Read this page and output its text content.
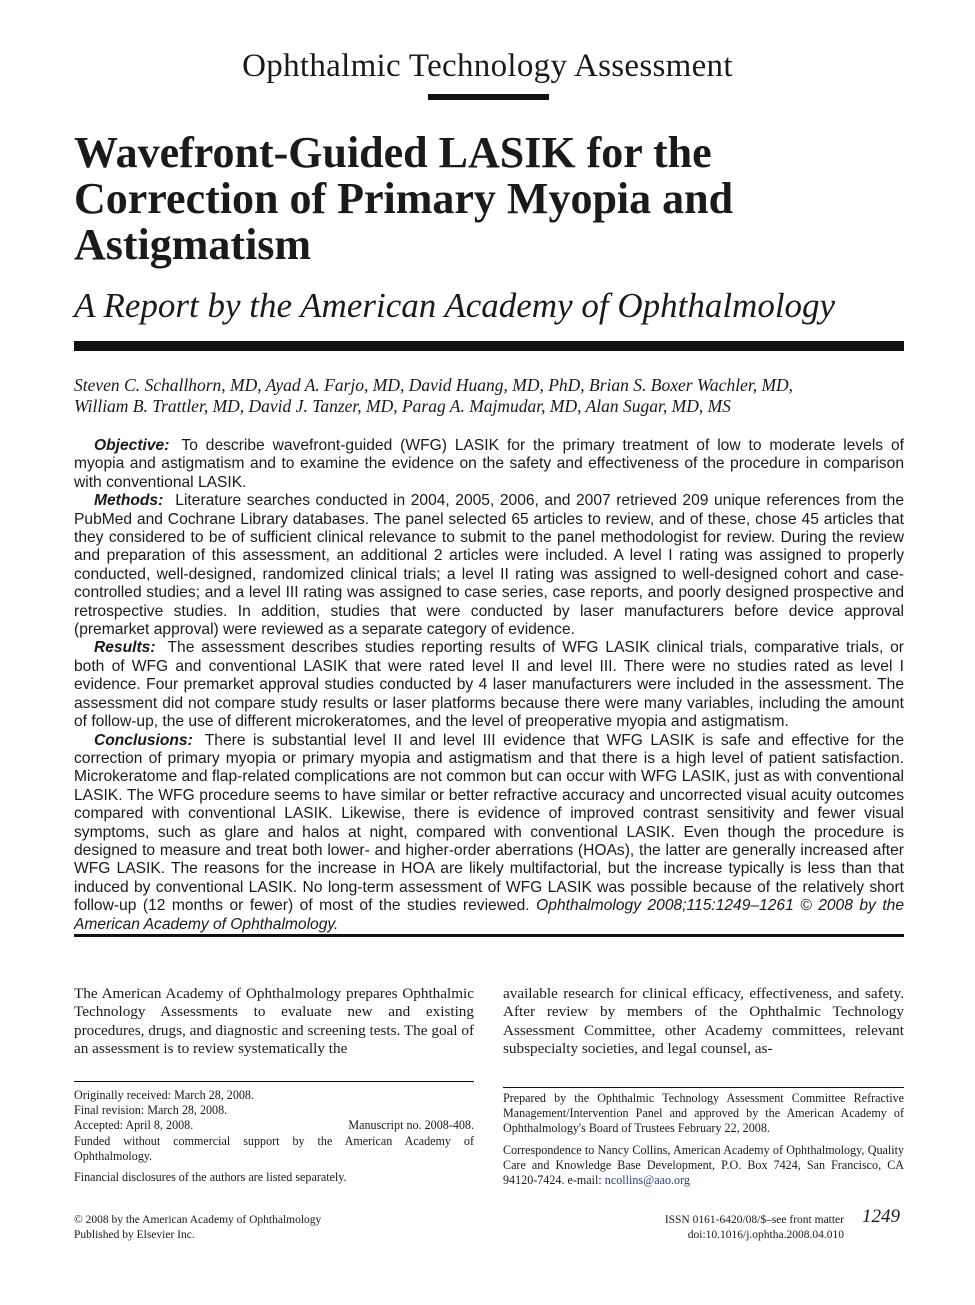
Ophthalmic Technology Assessment
Wavefront-Guided LASIK for the
Correction of Primary Myopia and
Astigmatism
A Report by the American Academy of Ophthalmology
Steven C. Schallhorn, MD, Ayad A. Farjo, MD, David Huang, MD, PhD, Brian S. Boxer Wachler, MD,
William B. Trattler, MD, David J. Tanzer, MD, Parag A. Majmudar, MD, Alan Sugar, MD, MS

Objective: To describe wavefront-guided (WFG) LASIK for the primary treatment of low to moderate levels of myopia and astigmatism and to examine the evidence on the safety and effectiveness of the procedure in comparison with conventional LASIK.

Methods: Literature searches conducted in 2004, 2005, 2006, and 2007 retrieved 209 unique references from the PubMed and Cochrane Library databases. The panel selected 65 articles to review, and of these, chose 45 articles that they considered to be of sufficient clinical relevance to submit to the panel methodologist for review. During the review and preparation of this assessment, an additional 2 articles were included. A level I rating was assigned to properly conducted, well-designed, randomized clinical trials; a level II rating was assigned to well-designed cohort and case-controlled studies; and a level III rating was assigned to case series, case reports, and poorly designed prospective and retrospective studies. In addition, studies that were conducted by laser manufacturers before device approval (premarket approval) were reviewed as a separate category of evidence.

Results: The assessment describes studies reporting results of WFG LASIK clinical trials, comparative trials, or both of WFG and conventional LASIK that were rated level II and level III. There were no studies rated as level I evidence. Four premarket approval studies conducted by 4 laser manufacturers were included in the assessment. The assessment did not compare study results or laser platforms because there were many variables, including the amount of follow-up, the use of different microkeratomes, and the level of preoperative myopia and astigmatism.

Conclusions: There is substantial level II and level III evidence that WFG LASIK is safe and effective for the correction of primary myopia or primary myopia and astigmatism and that there is a high level of patient satisfaction. Microkeratome and flap-related complications are not common but can occur with WFG LASIK, just as with conventional LASIK. The WFG procedure seems to have similar or better refractive accuracy and uncorrected visual acuity outcomes compared with conventional LASIK. Likewise, there is evidence of improved contrast sensitivity and fewer visual symptoms, such as glare and halos at night, compared with conventional LASIK. Even though the procedure is designed to measure and treat both lower- and higher-order aberrations (HOAs), the latter are generally increased after WFG LASIK. The reasons for the increase in HOA are likely multifactorial, but the increase typically is less than that induced by conventional LASIK. No long-term assessment of WFG LASIK was possible because of the relatively short follow-up (12 months or fewer) of most of the studies reviewed. Ophthalmology 2008;115:1249–1261 © 2008 by the American Academy of Ophthalmology.

The American Academy of Ophthalmology prepares Ophthalmic Technology Assessments to evaluate new and existing procedures, drugs, and diagnostic and screening tests. The goal of an assessment is to review systematically the
available research for clinical efficacy, effectiveness, and safety. After review by members of the Ophthalmic Technology Assessment Committee, other Academy committees, relevant subspecialty societies, and legal counsel, as-

Originally received: March 28, 2008.

Final revision: March 28, 2008.

Accepted: April 8, 2008.	Manuscript no. 2008-408.

Funded without commercial support by the American Academy of Ophthalmology.

Financial disclosures of the authors are listed separately.

Prepared by the Ophthalmic Technology Assessment Committee Refractive Management/Intervention Panel and approved by the American Academy of Ophthalmology's Board of Trustees February 22, 2008.

Correspondence to Nancy Collins, American Academy of Ophthalmology, Quality Care and Knowledge Base Development, P.O. Box 7424, San Francisco, CA 94120-7424. e-mail: ncollins@aao.org

© 2008 by the American Academy of Ophthalmology
Published by Elsevier Inc.
ISSN 0161-6420/08/$–see front matter
doi:10.1016/j.ophtha.2008.04.010
1249
